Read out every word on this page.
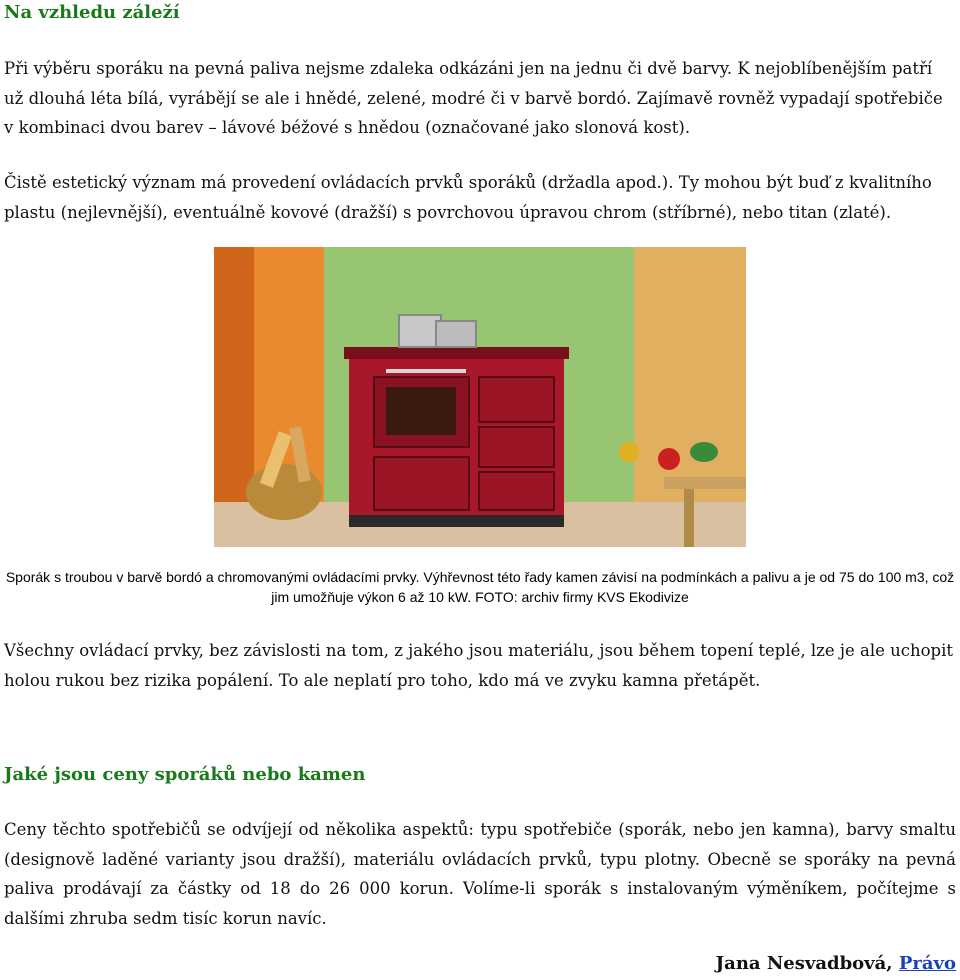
Na vzhledu záleží

Při výběru sporáku na pevná paliva nejsme zdaleka odkázáni jen na jednu či dvě barvy. K nejoblíbenějším patří už dlouhá léta bílá, vyrábějí se ale i hnědé, zelené, modré či v barvě bordó. Zajímavě rovněž vypadají spotřebiče v kombinaci dvou barev – lávové béžové s hnědou (označované jako slonová kost).

Čistě estetický význam má provedení ovládacích prvků sporáků (držadla apod.). Ty mohou být buď z kvalitního plastu (nejlevnější), eventuálně kovové (dražší) s povrchovou úpravou chrom (stříbrné), nebo titan (zlaté).

Sporák s troubou v barvě bordó a chromovanými ovládacími prvky. Výhřevnost této řady kamen závisí na podmínkách a palivu a je od 75 do 100 m3, což jim umožňuje výkon 6 až 10 kW. FOTO: archiv firmy KVS Ekodivize

Všechny ovládací prvky, bez závislosti na tom, z jakého jsou materiálu, jsou během topení teplé, lze je ale uchopit holou rukou bez rizika popálení. To ale neplatí pro toho, kdo má ve zvyku kamna přetápět.

Jaké jsou ceny sporáků nebo kamen

Ceny těchto spotřebičů se odvíjejí od několika aspektů: typu spotřebiče (sporák, nebo jen kamna), barvy smaltu (designově laděné varianty jsou dražší), materiálu ovládacích prvků, typu plotny. Obecně se sporáky na pevná paliva prodávají za částky od 18 do 26 000 korun. Volíme-li sporák s instalovaným výměníkem, počítejme s dalšími zhruba sedm tisíc korun navíc.

Jana Nesvadbová, Právo
